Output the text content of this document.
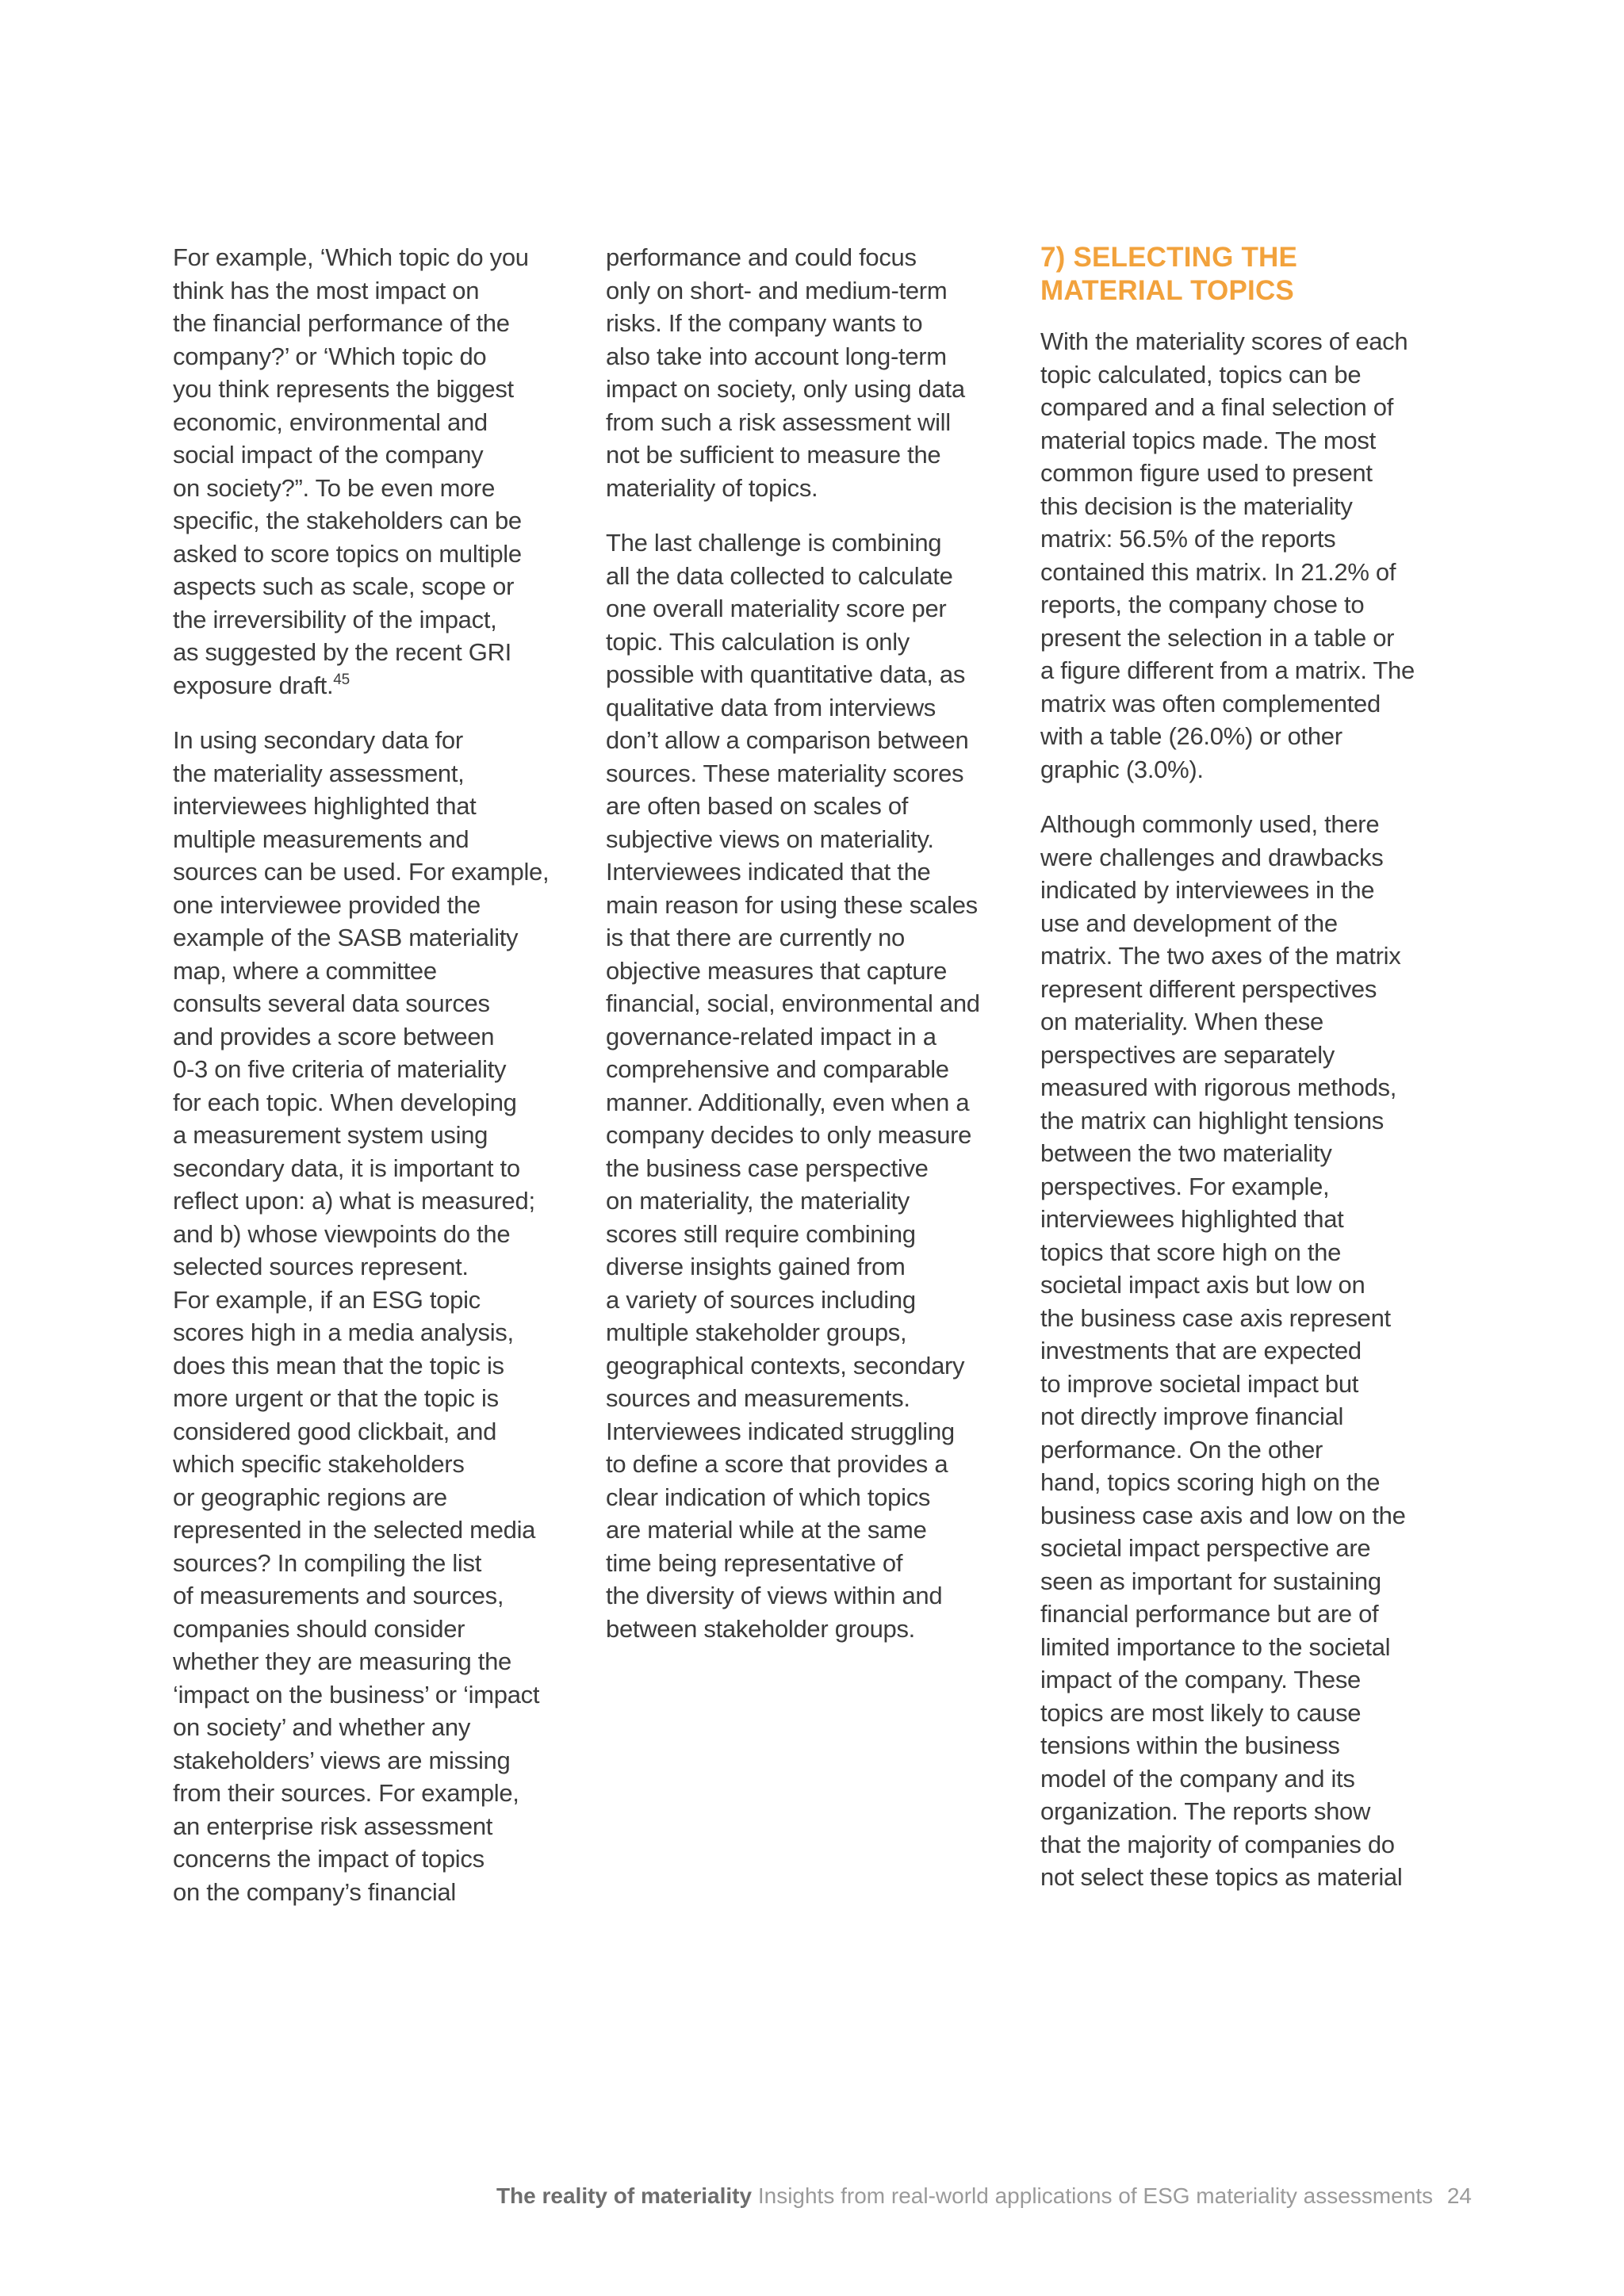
For example, ‘Which topic do you
think has the most impact on
the financial performance of the
company?’ or ‘Which topic do
you think represents the biggest
economic, environmental and
social impact of the company
on society?”. To be even more
specific, the stakeholders can be
asked to score topics on multiple
aspects such as scale, scope or
the irreversibility of the impact,
as suggested by the recent GRI
exposure draft.$^{45}$

In using secondary data for
the materiality assessment,
interviewees highlighted that
multiple measurements and
sources can be used. For example,
one interviewee provided the
example of the SASB materiality
map, where a committee
consults several data sources
and provides a score between
0-3 on five criteria of materiality
for each topic. When developing
a measurement system using
secondary data, it is important to
reflect upon: a) what is measured;
and b) whose viewpoints do the
selected sources represent.
For example, if an ESG topic
scores high in a media analysis,
does this mean that the topic is
more urgent or that the topic is
considered good clickbait, and
which specific stakeholders
or geographic regions are
represented in the selected media
sources? In compiling the list
of measurements and sources,
companies should consider
whether they are measuring the
‘impact on the business’ or ‘impact
on society’ and whether any
stakeholders’ views are missing
from their sources. For example,
an enterprise risk assessment
concerns the impact of topics
on the company’s financial

performance and could focus
only on short- and medium-term
risks. If the company wants to
also take into account long-term
impact on society, only using data
from such a risk assessment will
not be sufficient to measure the
materiality of topics.

The last challenge is combining
all the data collected to calculate
one overall materiality score per
topic. This calculation is only
possible with quantitative data, as
qualitative data from interviews
don’t allow a comparison between
sources. These materiality scores
are often based on scales of
subjective views on materiality.
Interviewees indicated that the
main reason for using these scales
is that there are currently no
objective measures that capture
financial, social, environmental and
governance-related impact in a
comprehensive and comparable
manner. Additionally, even when a
company decides to only measure
the business case perspective
on materiality, the materiality
scores still require combining
diverse insights gained from
a variety of sources including
multiple stakeholder groups,
geographical contexts, secondary
sources and measurements.
Interviewees indicated struggling
to define a score that provides a
clear indication of which topics
are material while at the same
time being representative of
the diversity of views within and
between stakeholder groups.

7) SELECTING THE
MATERIAL TOPICS

With the materiality scores of each
topic calculated, topics can be
compared and a final selection of
material topics made. The most
common figure used to present
this decision is the materiality
matrix: 56.5% of the reports
contained this matrix. In 21.2% of
reports, the company chose to
present the selection in a table or
a figure different from a matrix. The
matrix was often complemented
with a table (26.0%) or other
graphic (3.0%).

Although commonly used, there
were challenges and drawbacks
indicated by interviewees in the
use and development of the
matrix. The two axes of the matrix
represent different perspectives
on materiality. When these
perspectives are separately
measured with rigorous methods,
the matrix can highlight tensions
between the two materiality
perspectives. For example,
interviewees highlighted that
topics that score high on the
societal impact axis but low on
the business case axis represent
investments that are expected
to improve societal impact but
not directly improve financial
performance. On the other
hand, topics scoring high on the
business case axis and low on the
societal impact perspective are
seen as important for sustaining
financial performance but are of
limited importance to the societal
impact of the company. These
topics are most likely to cause
tensions within the business
model of the company and its
organization. The reports show
that the majority of companies do
not select these topics as material

The reality of materiality Insights from real-world applications of ESG materiality assessments 24
